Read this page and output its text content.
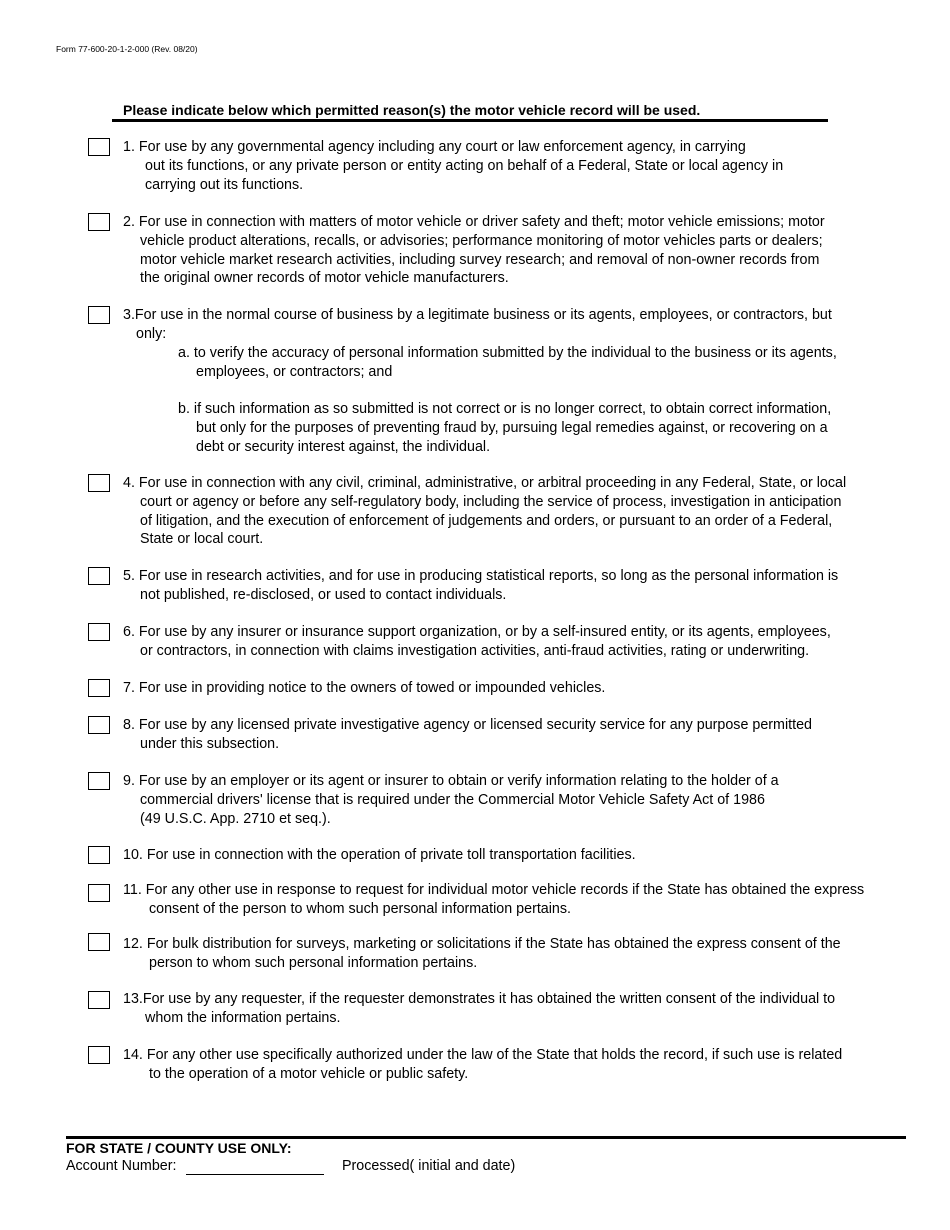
Form 77-600-20-1-2-000 (Rev. 08/20)
Please indicate below which permitted reason(s) the motor vehicle record will be used.
1. For use by any governmental agency including any court or law enforcement agency, in carrying
out its functions, or any private person or entity acting on behalf of a Federal, State or local agency in
carrying out its functions.
2. For use in connection with matters of motor vehicle or driver safety and theft; motor vehicle emissions; motor
vehicle product alterations, recalls, or advisories; performance monitoring of motor vehicles parts or dealers;
motor vehicle market research activities, including survey research; and removal of non-owner records from
the original owner records of motor vehicle manufacturers.
3.For use in the normal course of business by a legitimate business or its agents, employees, or contractors, but
only:
a. to verify the accuracy of personal information submitted by the individual to the business or its agents,
employees, or contractors; and
b. if such information as so submitted is not correct or is no longer correct, to obtain correct information,
but only for the purposes of preventing fraud by, pursuing legal remedies against, or recovering on a
debt or security interest against, the individual.
4. For use in connection with any civil, criminal, administrative, or arbitral proceeding in any Federal, State, or local
court or agency or before any self-regulatory body, including the service of process, investigation in anticipation
of litigation, and the execution of enforcement of judgements and orders, or pursuant to an order of a Federal,
State or local court.
5. For use in research activities, and for use in producing statistical reports, so long as the personal information is
not published, re-disclosed, or used to contact individuals.
6. For use by any insurer or insurance support organization, or by a self-insured entity, or its agents, employees,
or contractors, in connection with claims investigation activities, anti-fraud activities, rating or underwriting.
7. For use in providing notice to the owners of towed or impounded vehicles.
8. For use by any licensed private investigative agency or licensed security service for any purpose permitted
under this subsection.
9. For use by an employer or its agent or insurer to obtain or verify information relating to the holder of a
commercial drivers' license that is required under the Commercial Motor Vehicle Safety Act of 1986
(49 U.S.C. App. 2710 et seq.).
10. For use in connection with the operation of private toll transportation facilities.
11. For any other use in response to request for individual motor vehicle records if the State has obtained the express
consent of the person to whom such personal information pertains.
12. For bulk distribution for surveys, marketing or solicitations if the State has obtained the express consent of the
person to whom such personal information pertains.
13.For use by any requester, if the requester demonstrates it has obtained the written consent of the individual to
whom the information pertains.
14. For any other use specifically authorized under the law of the State that holds the record, if such use is related
to the operation of a motor vehicle or public safety.
FOR STATE / COUNTY USE ONLY:
Account Number:	Processed( initial and date)
